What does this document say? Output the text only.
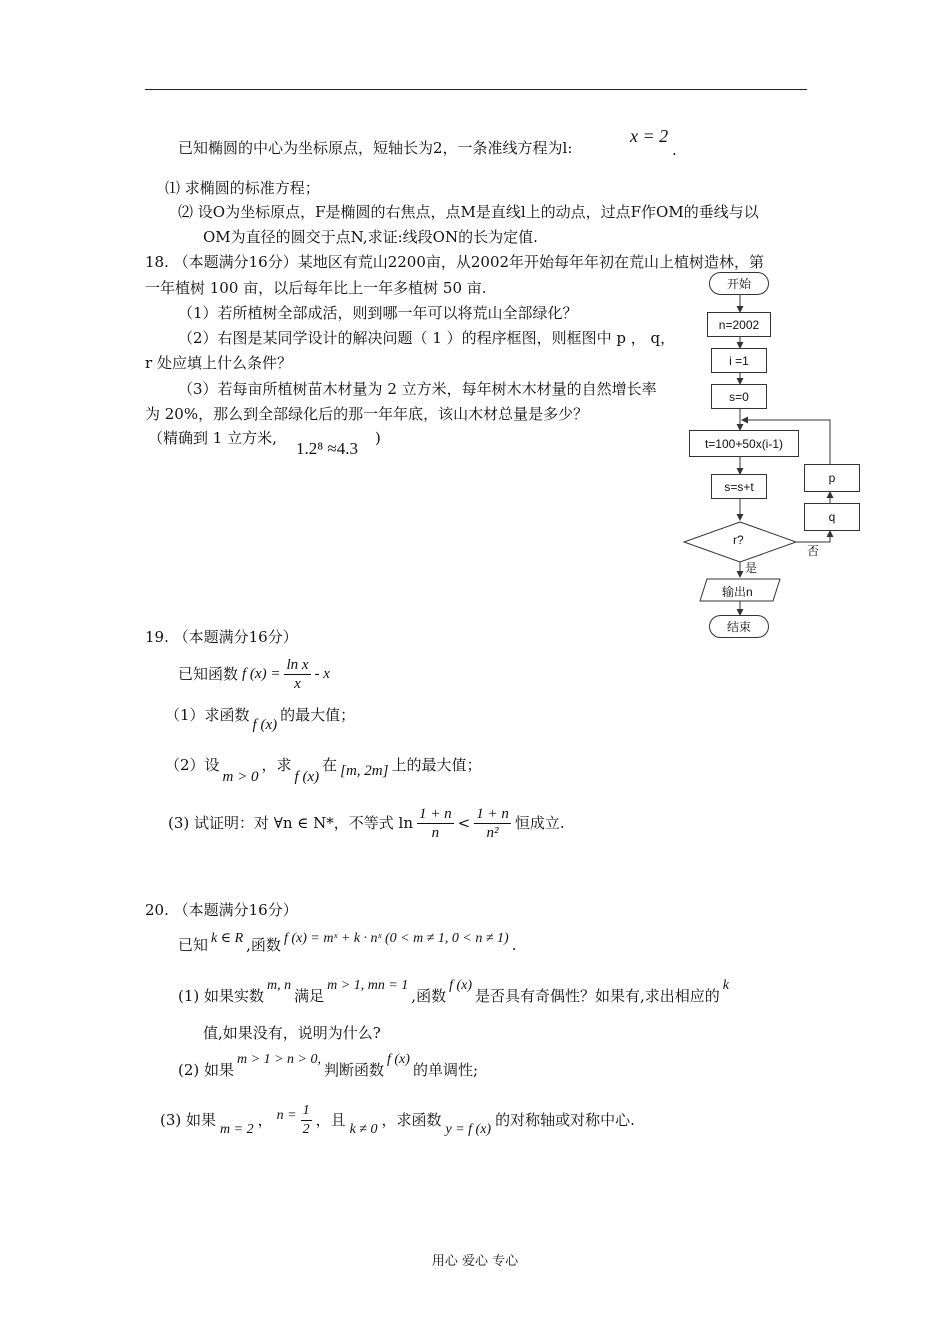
已知椭圆的中心为坐标原点，短轴长为2，一条准线方程为l:
x = 2
.
⑴ 求椭圆的标准方程；
⑵ 设O为坐标原点，F是椭圆的右焦点，点M是直线l上的动点，过点F作OM的垂线与以
OM为直径的圆交于点N,求证:线段ON的长为定值.
18. （本题满分16分）某地区有荒山2200亩，从2002年开始每年年初在荒山上植树造林，第
一年植树 100 亩，以后每年比上一年多植树 50 亩.
（1）若所植树全部成活，则到哪一年可以将荒山全部绿化？
（2）右图是某同学设计的解决问题（ 1 ）的程序框图，则框图中 p ， q，
r 处应填上什么条件？
（3）若每亩所植树苗木材量为 2 立方米，每年树木木材量的自然增长率
为 20%，那么到全部绿化后的那一年年底，该山木材总量是多少？
（精确到 1 立方米,
1.2⁸ ≈4.3
)
开始
n=2002
i =1
s=0
t=100+50x(i-1)
s=s+t
r?
是
否
输出n
结束
p
q
19. （本题满分16分）
已知函数 f $(x) = \frac{\text{ln x}}{x} - x$
（1）求函数
f (x)
的最大值；
（2）设
m > 0
，求
f (x)
在 [m, 2m] 上的最大值；
(3) 试证明：对 ∀n ∈ N*，不等式 $\ln \frac{1 + n}{n} < \frac{1 + n}{\text{n²}}$ 恒成立.
20. （本题满分16分）
已知 k ∈ R ,函数 f (x) = mˣ + k · nˣ (0 < m ≠ 1, 0 < n ≠ 1) .
(1) 如果实数
m, n
满足
m > 1, mn = 1
,函数
f (x)
是否具有奇偶性？如果有,求出相应的
k
值,如果没有，说明为什么?
(2) 如果
m > 1 > n > 0,
判断函数
f (x)
的单调性;
(3) 如果
m = 2
， $n = \frac{1}{2}$ ，且
k ≠ 0
，求函数
y = f (x)
的对称轴或对称中心.
用心 爱心 专心
